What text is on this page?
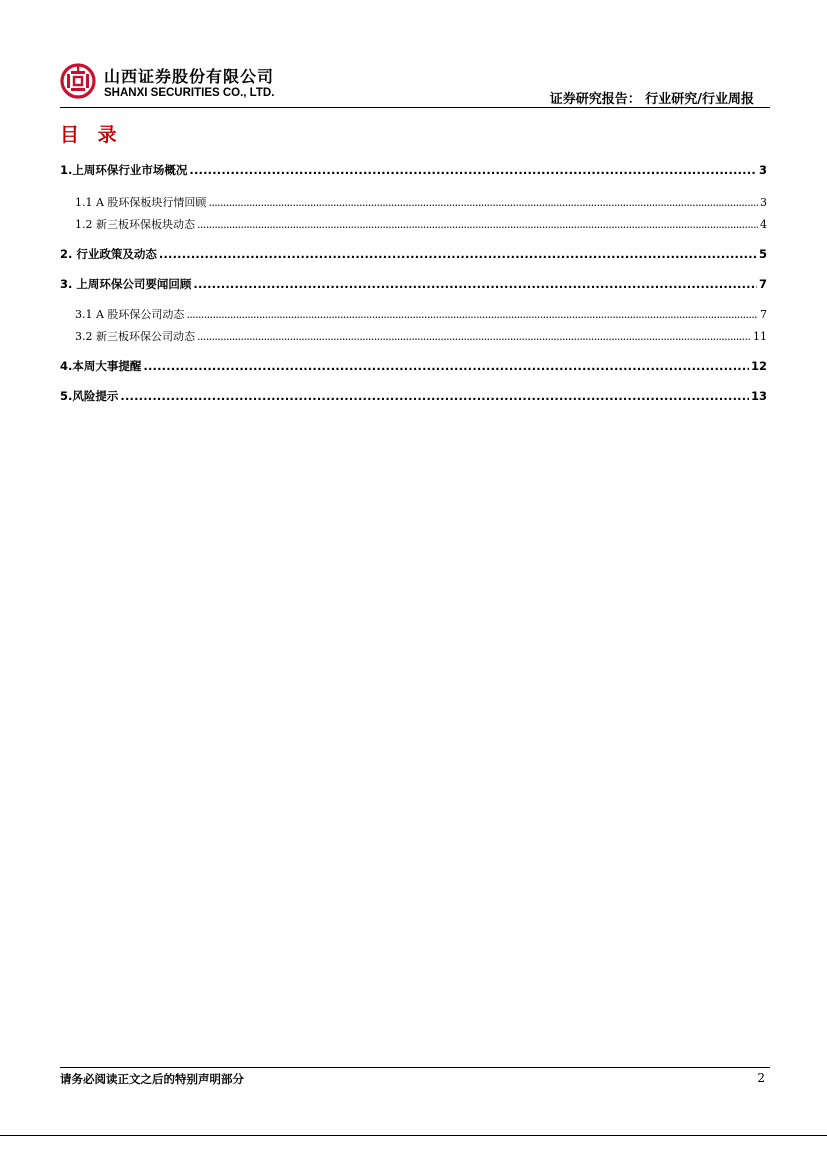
山西证券股份有限公司
SHANXI SECURITIES CO., LTD.	证券研究报告： 行业研究/行业周报
目 录
1.上周环保行业市场概况 .....	3
1.1 A 股环保板块行情回顾 .....	3
1.2 新三板环保板块动态 .....	4
2. 行业政策及动态 .....	5
3. 上周环保公司要闻回顾 .....	7
3.1 A 股环保公司动态 .....	7
3.2 新三板环保公司动态 .....	11
4.本周大事提醒 .....	12
5.风险提示 .....	13
请务必阅读正文之后的特别声明部分	2
